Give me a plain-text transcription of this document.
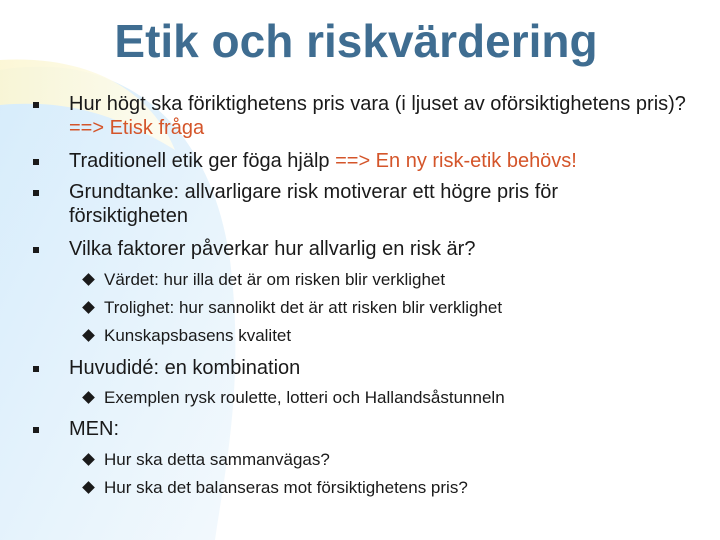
Etik och riskvärdering
Hur högt ska föriktighetens pris vara (i ljuset av oförsiktighetens pris)? ==> Etisk fråga
Traditionell etik ger föga hjälp ==> En ny risk-etik behövs!
Grundtanke: allvarligare risk motiverar ett högre pris för försiktigheten
Vilka faktorer påverkar hur allvarlig en risk är?
Värdet: hur illa det är om risken blir verklighet
Trolighet: hur sannolikt det är att risken blir verklighet
Kunskapsbasens kvalitet
Huvudidé: en kombination
Exemplen rysk roulette, lotteri och Hallandsåstunneln
MEN:
Hur ska detta sammanvägas?
Hur ska det balanseras mot försiktighetens pris?
